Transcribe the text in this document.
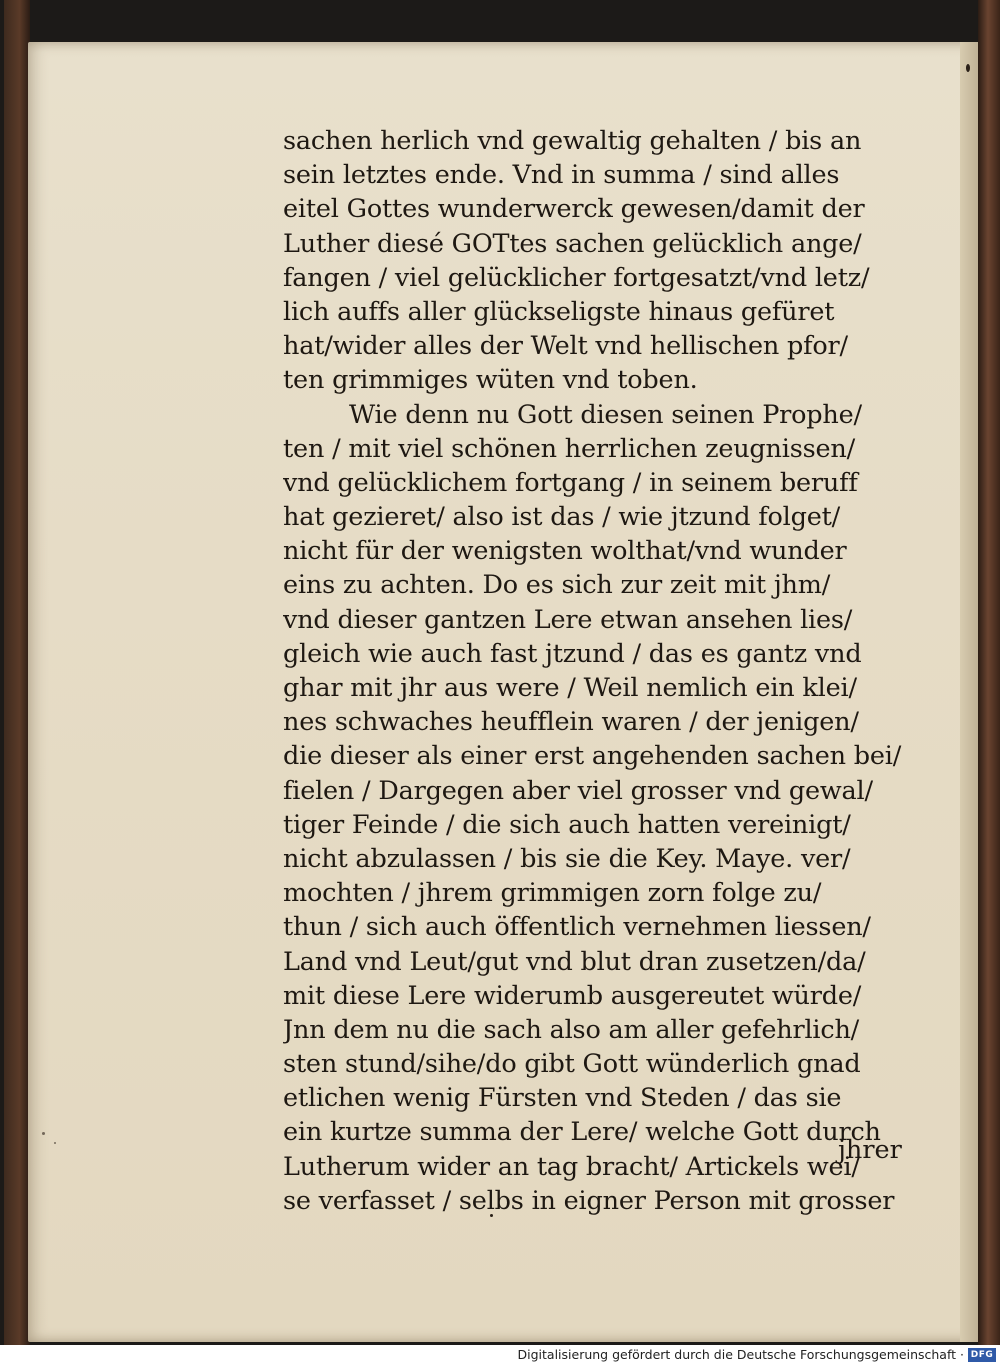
sachen herlich vnd gewaltig gehalten / bis an
sein letztes ende. Vnd in summa / sind alles
eitel Gottes wunderwerck gewesen/damit der
Luther diesé GOTtes sachen gelücklich ange/
fangen / viel gelücklicher fortgesatzt/vnd letz/
lich auffs aller glückseligste hinaus gefüret
hat/wider alles der Welt vnd hellischen pfor/
ten grimmiges wüten vnd toben.
Wie denn nu Gott diesen seinen Prophe/
ten / mit viel schönen herrlichen zeugnissen/
vnd gelücklichem fortgang / in seinem beruff
hat gezieret/ also ist das / wie jtzund folget/
nicht für der wenigsten wolthat/vnd wunder
eins zu achten. Do es sich zur zeit mit jhm/
vnd dieser gantzen Lere etwan ansehen lies/
gleich wie auch fast jtzund / das es gantz vnd
ghar mit jhr aus were / Weil nemlich ein klei/
nes schwaches heufflein waren / der jenigen/
die dieser als einer erst angehenden sachen bei/
fielen / Dargegen aber viel grosser vnd gewal/
tiger Feinde / die sich auch hatten vereinigt/
nicht abzulassen / bis sie die Key. Maye. ver/
mochten / jhrem grimmigen zorn folge zu/
thun / sich auch öffentlich vernehmen liessen/
Land vnd Leut/gut vnd blut dran zusetzen/da/
mit diese Lere widerumb ausgereutet würde/
Jnn dem nu die sach also am aller gefehrlich/
sten stund/sihe/do gibt Gott wünderlich gnad
etlichen wenig Fürsten vnd Steden / das sie
ein kurtze summa der Lere/ welche Gott durch
Lutherum wider an tag bracht/ Artickels wei/
se verfasset / selbs in eigner Person mit grosser
jhrer
Digitalisierung gefördert durch die Deutsche Forschungsgemeinschaft · DFG
